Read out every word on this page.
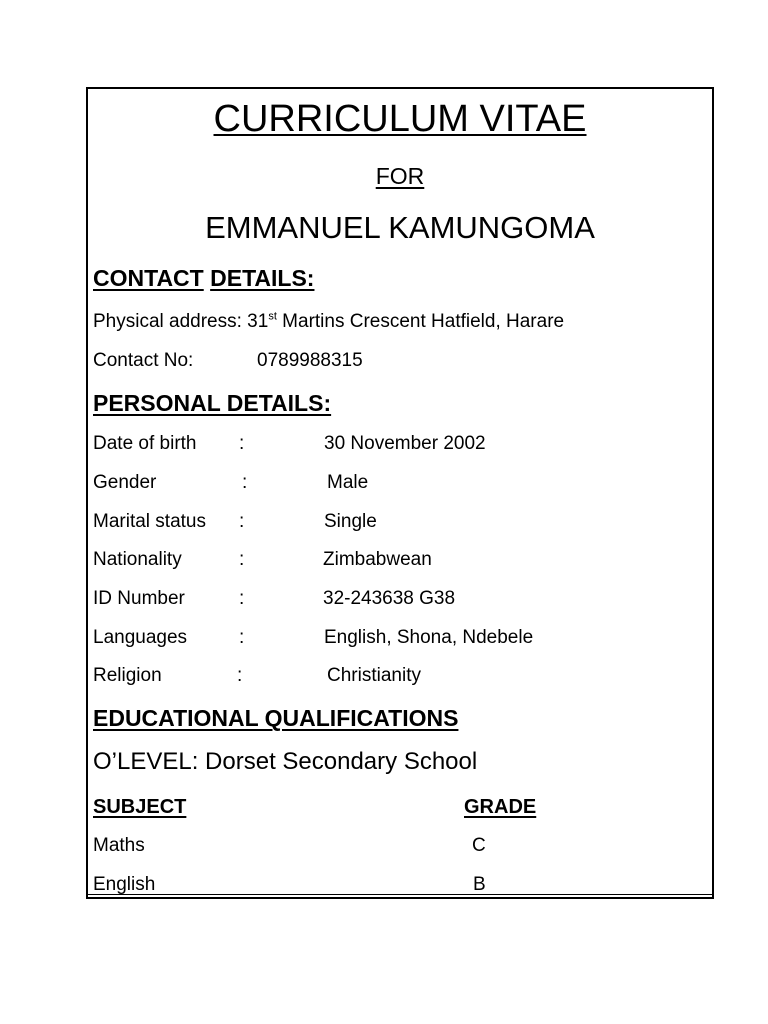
CURRICULUM VITAE
FOR
EMMANUEL KAMUNGOMA
CONTACT DETAILS:
Physical address: 31st Martins Crescent Hatfield, Harare
Contact No:	0789988315
PERSONAL DETAILS:
Date of birth :	30 November 2002
Gender	:	Male
Marital status :	Single
Nationality	:	Zimbabwean
ID Number	:	32-243638 G38
Languages	:	English, Shona, Ndebele
Religion	:	Christianity
EDUCATIONAL QUALIFICATIONS
O’LEVEL: Dorset Secondary School
SUBJECT	GRADE
Maths	C
English	B
